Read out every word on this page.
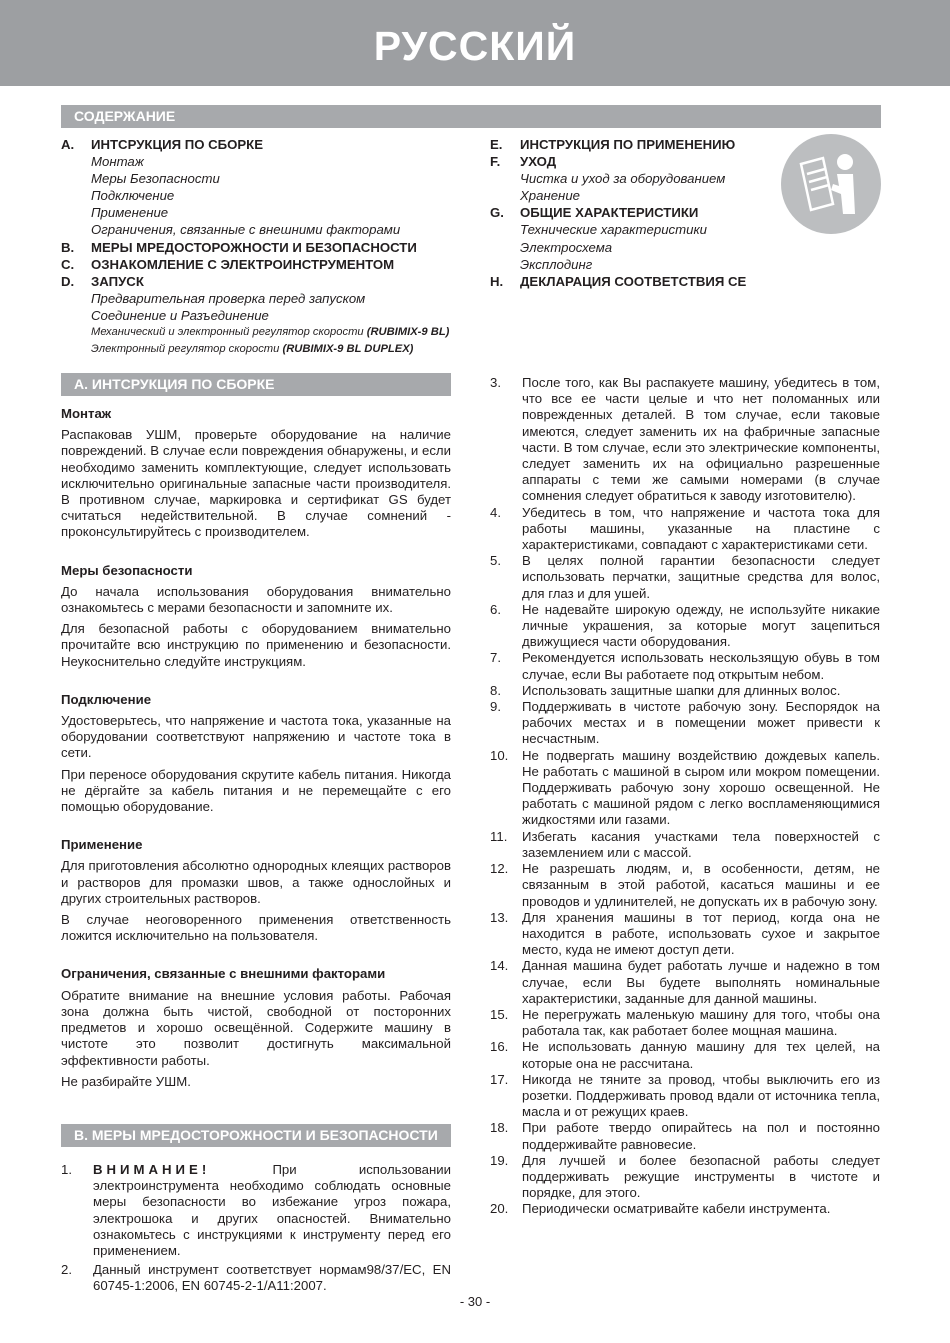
РУССКИЙ
СОДЕРЖАНИЕ
A.	ИНТСРУКЦИЯ ПО СБОРКЕ
Монтаж
Меры Безопасности
Подключение
Применение
Ограничения, связанные с внешними факторами
B.	МЕРЫ МРЕДОСТОРОЖНОСТИ И БЕЗОПАСНОСТИ
C.	ОЗНАКОМЛЕНИЕ С ЭЛЕКТРОИНСТРУМЕНТОМ
D.	ЗАПУСК
Предварительная проверка перед запуском
Соединение и Разъединение
Механический и электронный регулятор скорости (RUBIMIX-9 BL)
Электронный регулятор скорости (RUBIMIX-9 BL DUPLEX)
E.	ИНСТРУКЦИЯ ПО ПРИМЕНЕНИЮ
F.	УХОД
Чистка и уход за оборудованием
Хранение
G.	ОБЩИЕ ХАРАКТЕРИСТИКИ
Технические характеристики
Электросхема
Эксплодинг
H.	ДЕКЛАРАЦИЯ СООТВЕТСТВИЯ СЕ
A. ИНТСРУКЦИЯ ПО СБОРКЕ
Монтаж

Распаковав УШМ, проверьте оборудование на наличие повреждений. В случае если повреждения обнаружены, и если необходимо заменить комплектующие, следует использовать исключительно оригинальные запасные части производителя. В противном случае, маркировка и сертификат GS будет считаться недействительной. В случае сомнений - проконсультируйтесь с производителем.

Меры безопасности

До начала использования оборудования внимательно ознакомьтесь с мерами безопасности и запомните их.

Для безопасной работы с оборудованием внимательно прочитайте всю инструкцию по применению и безопасности. Неукоснительно следуйте инструкциям.

Подключение

Удостоверьтесь, что напряжение и частота тока, указанные на оборудовании соответствуют напряжению и частоте тока в сети.

При переносе оборудования скрутите кабель питания. Никогда не дёргайте за кабель питания и не перемещайте с его помощью оборудование.

Применение

Для приготовления абсолютно однородных клеящих растворов и растворов для промазки швов, а также однослойных и других строительных растворов.

В случае неоговоренного применения ответственность ложится исключительно на пользователя.

Ограничения, связанные с внешними факторами

Обратите внимание на внешние условия работы. Рабочая зона должна быть чистой, свободной от посторонних предметов и хорошо освещённой. Содержите машину в чистоте это позволит достигнуть максимальной эффективности работы.

Не разбирайте УШМ.

B. МЕРЫ МРЕДОСТОРОЖНОСТИ И БЕЗОПАСНОСТИ
1.	ВНИМАНИЕ! При использовании электроинструмента необходимо соблюдать основные меры безопасности во избежание угроз пожара, электрошока и других опасностей. Внимательно ознакомьтесь с инструкциями к инструменту перед его применением.
2.	Данный инструмент соответствует нормам98/37/EC, EN 60745-1:2006, EN 60745-2-1/A11:2007.
3.	После того, как Вы распакуете машину, убедитесь в том, что все ее части целые и что нет поломанных или поврежденных деталей. В том случае, если таковые имеются, следует заменить их на фабричные запасные части. В том случае, если это электрические компоненты, следует заменить их на официально разрешенные аппараты с теми же самыми номерами (в случае сомнения следует обратиться к заводу изготовителю).
4.	Убедитесь в том, что напряжение и частота тока для работы машины, указанные на пластине с характеристиками, совпадают с характеристиками сети.
5.	В целях полной гарантии безопасности следует использовать перчатки, защитные средства для волос, для глаз и для ушей.
6.	Не надевайте широкую одежду, не используйте никакие личные украшения, за которые могут зацепиться движущиеся части оборудования.
7.	Рекомендуется использовать нескользящую обувь в том случае, если Вы работаете под открытым небом.
8.	Использовать защитные шапки для длинных волос.
9.	Поддерживать в чистоте рабочую зону. Беспорядок на рабочих местах и в помещении может привести к несчастным.
10.	Не подвергать машину воздействию дождевых капель. Не работать с машиной в сыром или мокром помещении. Поддерживать рабочую зону хорошо освещенной. Не работать с машиной рядом с легко воспламеняющимися жидкостями или газами.
11.	Избегать касания участками тела поверхностей с заземлением или с массой.
12.	Не разрешать людям, и, в особенности, детям, не связанным в этой работой, касаться машины и ее проводов и удлинителей, не допускать их в рабочую зону.
13.	Для хранения машины в тот период, когда она не находится в работе, использовать сухое и закрытое место, куда не имеют доступ дети.
14.	Данная машина будет работать лучше и надежно в том случае, если Вы будете выполнять номинальные характеристики, заданные для данной машины.
15.	Не перегружать маленькую машину для того, чтобы она работала так, как работает более мощная машина.
16.	Не использовать данную машину для тех целей, на которые она не рассчитана.
17.	Никогда не тяните за провод, чтобы выключить его из розетки. Поддерживать провод вдали от источника тепла, масла и от режущих краев.
18.	При работе твердо опирайтесь на пол и постоянно поддерживайте равновесие.
19.	Для лучшей и более безопасной работы следует поддерживать режущие инструменты в чистоте и порядке, для этого.
20.	Периодически осматривайте кабели инструмента.
- 30 -
